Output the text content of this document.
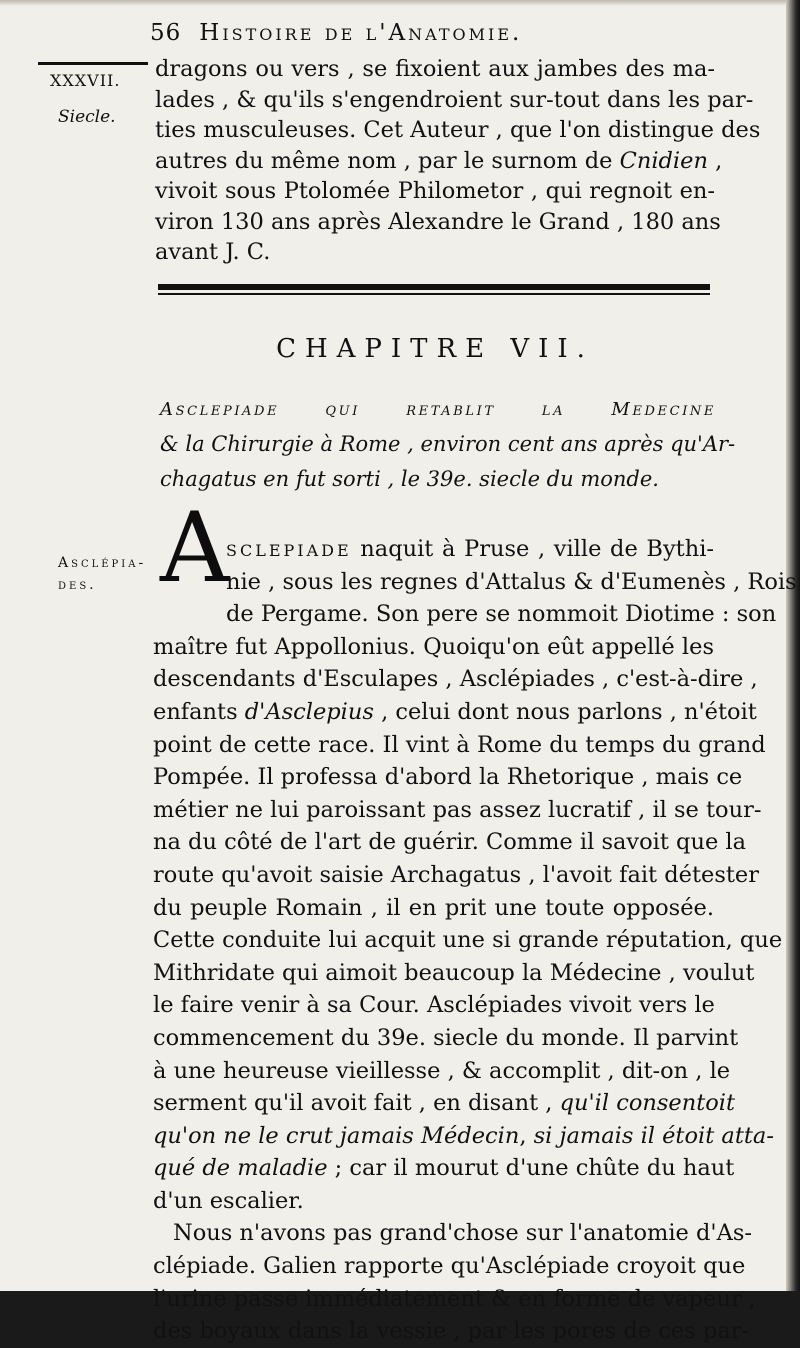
56 Histoire de l'Anatomie.
XXXVII.
Siecle.
Asclépia-
des.
dragons ou vers , se fixoient aux jambes des ma-
lades , & qu'ils s'engendroient sur-tout dans les par-
ties musculeuses. Cet Auteur , que l'on distingue des
autres du même nom , par le surnom de Cnidien ,
vivoit sous Ptolomée Philometor , qui regnoit en-
viron 130 ans après Alexandre le Grand , 180 ans
avant J. C.
CHAPITRE VII.
Asclepiade qui retablit la Medecine
& la Chirurgie à Rome , environ cent ans après qu'Ar-
chagatus en fut sorti , le 39e. siecle du monde.
A
sclepiade naquit à Pruse , ville de Bythi-
nie , sous les regnes d'Attalus & d'Eumenès , Rois
de Pergame. Son pere se nommoit Diotime : son
maître fut Appollonius. Quoiqu'on eût appellé les
descendants d'Esculapes , Asclépiades , c'est-à-dire ,
enfants d'Asclepius , celui dont nous parlons , n'étoit
point de cette race. Il vint à Rome du temps du grand
Pompée. Il professa d'abord la Rhetorique , mais ce
métier ne lui paroissant pas assez lucratif , il se tour-
na du côté de l'art de guérir. Comme il savoit que la
route qu'avoit saisie Archagatus , l'avoit fait détester
du peuple Romain , il en prit une toute opposée.
Cette conduite lui acquit une si grande réputation, que
Mithridate qui aimoit beaucoup la Médecine , voulut
le faire venir à sa Cour. Asclépiades vivoit vers le
commencement du 39e. siecle du monde. Il parvint
à une heureuse vieillesse , & accomplit , dit-on , le
serment qu'il avoit fait , en disant , qu'il consentoit
qu'on ne le crut jamais Médecin, si jamais il étoit atta-
qué de maladie ; car il mourut d'une chûte du haut
d'un escalier.
Nous n'avons pas grand'chose sur l'anatomie d'As-
clépiade. Galien rapporte qu'Asclépiade croyoit que
l'urine passe immédiatement & en forme de vapeur ,
des boyaux dans la vessie , par les pores de ces par-
